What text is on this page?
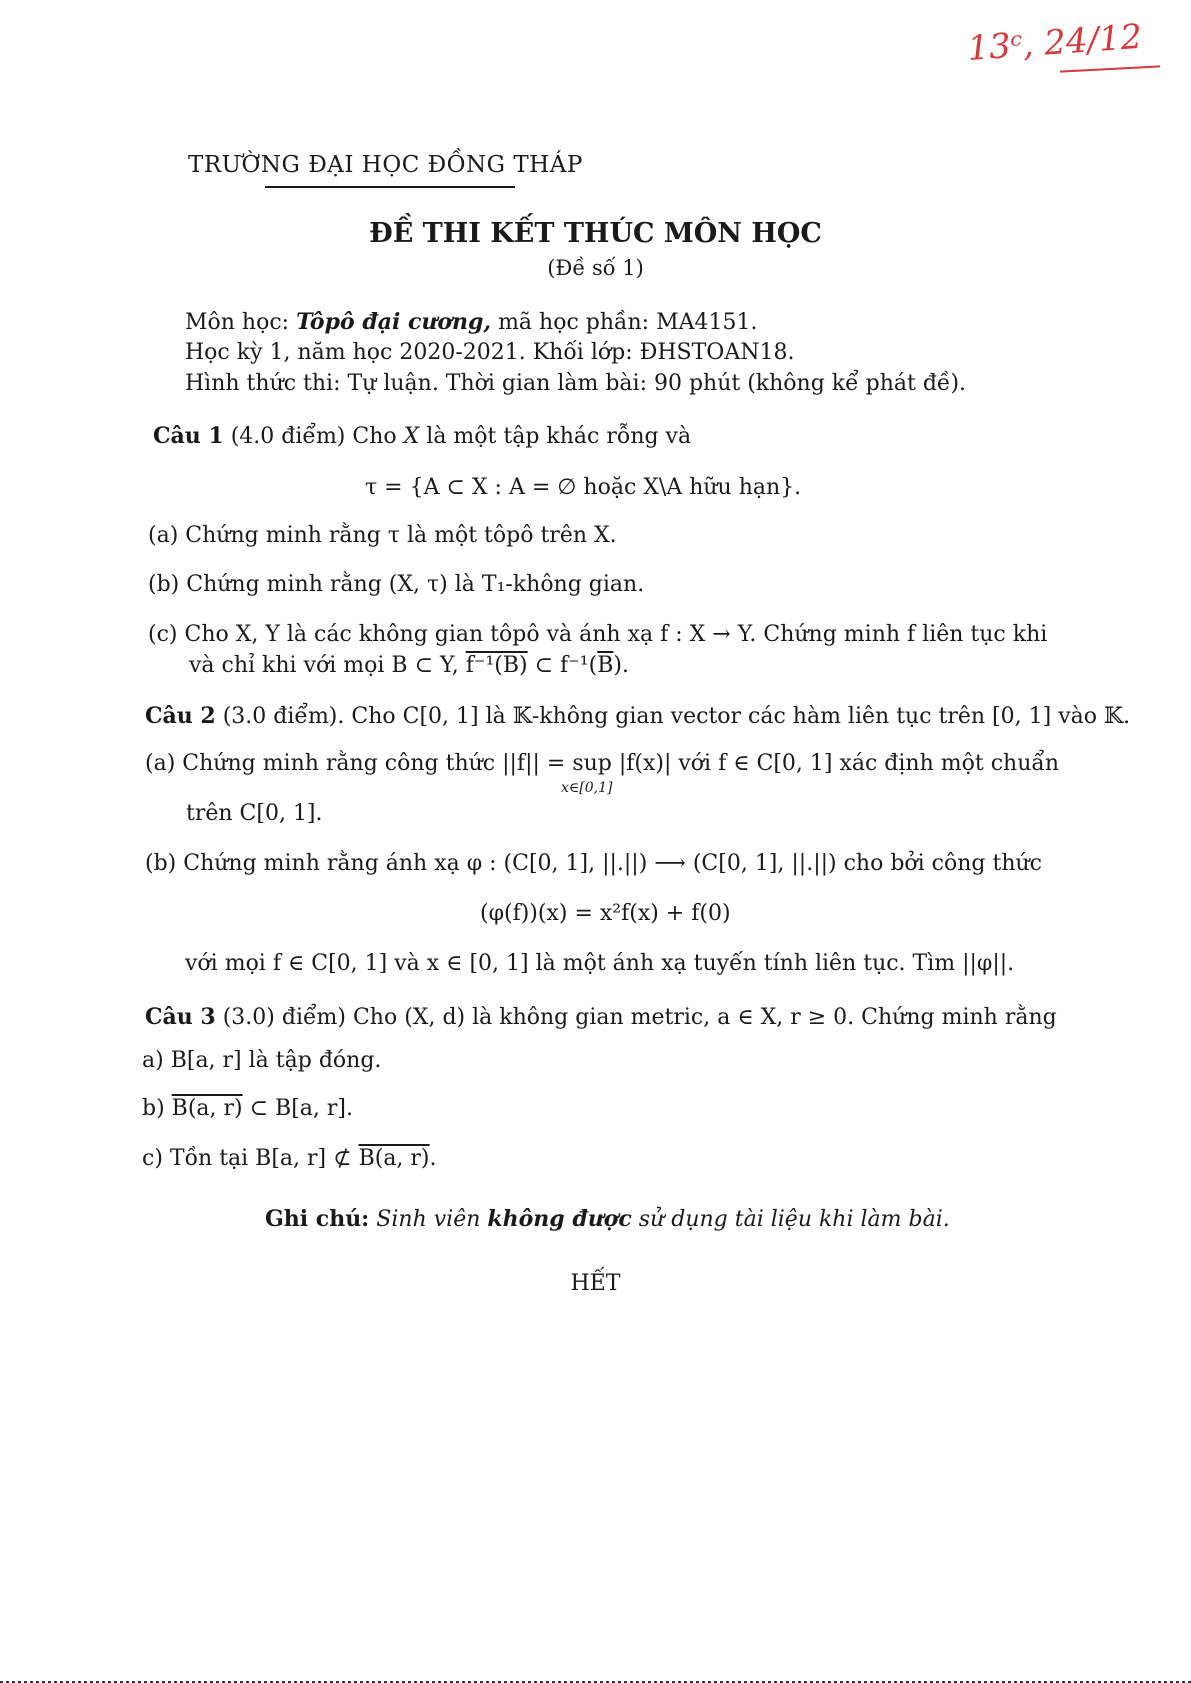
13ᶜ, 24/12
TRƯỜNG ĐẠI HỌC ĐỒNG THÁP
ĐỀ THI KẾT THÚC MÔN HỌC
(Đề số 1)
Môn học: Tôpô đại cương, mã học phần: MA4151.
Học kỳ 1, năm học 2020-2021. Khối lớp: ĐHSTOAN18.
Hình thức thi: Tự luận. Thời gian làm bài: 90 phút (không kể phát đề).
Câu 1 (4.0 điểm) Cho X là một tập khác rỗng và
τ = {A ⊂ X : A = ∅ hoặc X\A hữu hạn}.
(a) Chứng minh rằng τ là một tôpô trên X.
(b) Chứng minh rằng (X, τ) là T₁-không gian.
(c) Cho X, Y là các không gian tôpô và ánh xạ f : X → Y. Chứng minh f liên tục khi
và chỉ khi với mọi B ⊂ Y, f⁻¹(B) ⊂ $f^{-1}(\overline{B})$.
Câu 2 (3.0 điểm). Cho C[0, 1] là 𝕂-không gian vector các hàm liên tục trên [0, 1] vào 𝕂.
(a) Chứng minh rằng công thức ||f|| = sup |f(x)| với f ∈ C[0, 1] xác định một chuẩn
x∈[0,1]
trên C[0, 1].
(b) Chứng minh rằng ánh xạ φ : (C[0, 1], ||.||) ⟶ (C[0, 1], ||.||) cho bởi công thức
(φ(f))(x) = x²f(x) + f(0)
với mọi f ∈ C[0, 1] và x ∈ [0, 1] là một ánh xạ tuyến tính liên tục. Tìm ||φ||.
Câu 3 (3.0) điểm) Cho (X, d) là không gian metric, a ∈ X, r ≥ 0. Chứng minh rằng
a) B[a, r] là tập đóng.
b) B(a, r) ⊂ B[a, r].
c) Tồn tại B[a, r] ⊄ B(a, r).
Ghi chú: Sinh viên không được sử dụng tài liệu khi làm bài.
HẾT
